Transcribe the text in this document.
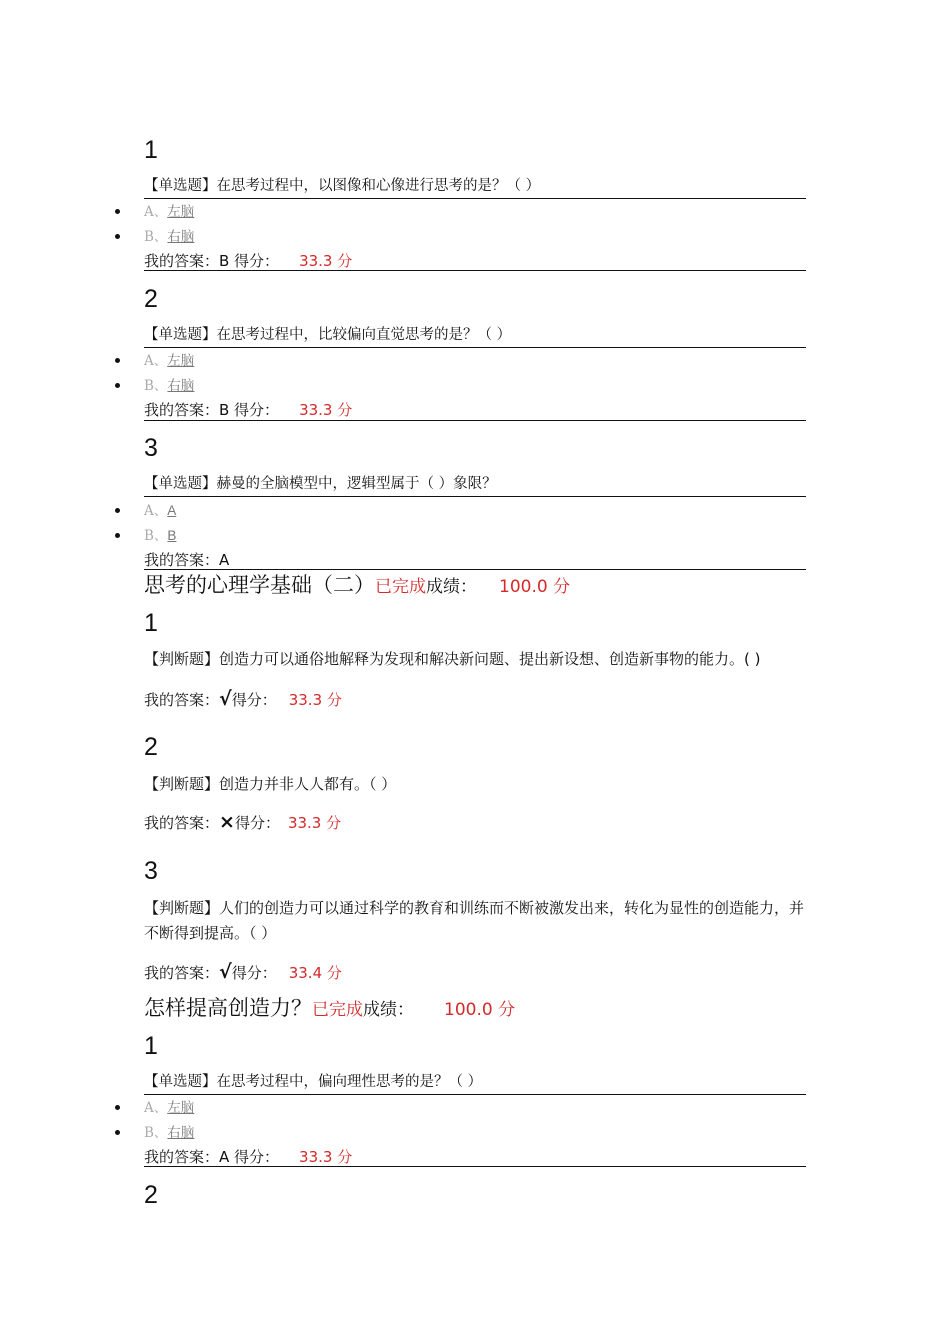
1
【单选题】在思考过程中，以图像和心像进行思考的是？（ ）
A、左脑
B、右脑
我的答案：B 得分： 33.3 分
2
【单选题】在思考过程中，比较偏向直觉思考的是？（ ）
A、左脑
B、右脑
我的答案：B 得分： 33.3 分
3
【单选题】赫曼的全脑模型中，逻辑型属于（ ）象限？
A、A
B、B
我的答案：A
思考的心理学基础（二）已完成成绩： 100.0 分
1
【判断题】创造力可以通俗地解释为发现和解决新问题、提出新设想、创造新事物的能力。( )
我的答案：√得分： 33.3 分
2
【判断题】创造力并非人人都有。（ ）
我的答案：×得分： 33.3 分
3
【判断题】人们的创造力可以通过科学的教育和训练而不断被激发出来，转化为显性的创造能力，并不断得到提高。（ ）
我的答案：√得分： 33.4 分
怎样提高创造力？已完成成绩： 100.0 分
1
【单选题】在思考过程中，偏向理性思考的是？（ ）
A、左脑
B、右脑
我的答案：A 得分： 33.3 分
2
